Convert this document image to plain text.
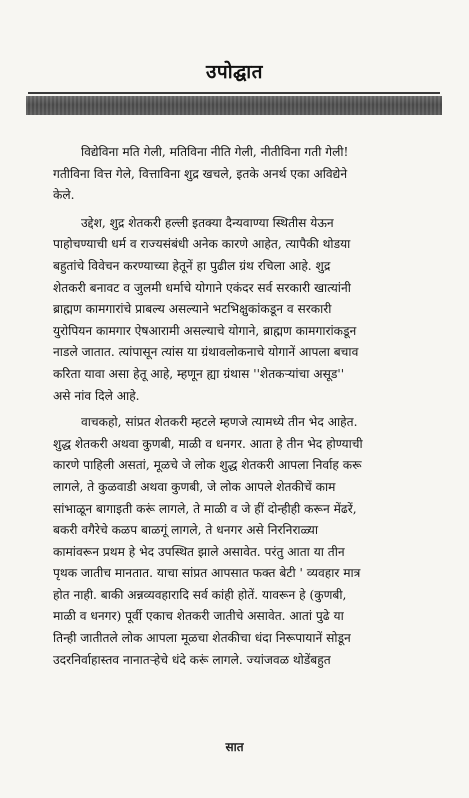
उपोद्घात

विद्येविना मति गेली, मतिविना नीति गेली, नीतीविना गती गेली!
गतीविना वित्त गेले, वित्ताविना शुद्र खचले, इतके अनर्थ एका अविद्येने
केले.

उद्देश, शुद्र शेतकरी हल्ली इतक्या दैन्यवाण्या स्थितीस येऊन
पाहोचण्याची धर्म व राज्यसंबंधी अनेक कारणे आहेत, त्यापैकी थोडया
बहुतांचे विवेचन करण्याच्या हेतूनें हा पुढील ग्रंथ रचिला आहे. शुद्र
शेतकरी बनावट व जुलमी धर्माचे योगाने एकंदर सर्व सरकारी खात्यांनी
ब्राह्मण कामगारांचे प्राबल्य असल्याने भटभिक्षुकांकडून व सरकारी
युरोपियन कामगार ऐषआरामी असल्याचे योगाने, ब्राह्मण कामगारांकडून
नाडले जातात. त्यांपासून त्यांस या ग्रंथावलोकनाचे योगानें आपला बचाव
करिता यावा असा हेतू आहे, म्हणून ह्या ग्रंथास ''शेतकऱ्यांचा असूड''
असे नांव दिले आहे.

वाचकहो, सांप्रत शेतकरी म्हटले म्हणजे त्यामध्ये तीन भेद आहेत.
शुद्ध शेतकरी अथवा कुणबी, माळी व धनगर. आता हे तीन भेद होण्याची
कारणे पाहिली असतां, मूळचे जे लोक शुद्ध शेतकरी आपला निर्वाह करू
लागले, ते कुळवाडी अथवा कुणबी, जे लोक आपले शेतकीचें काम
सांभाळून बागाइती करूं लागले, ते माळी व जे हीं दोन्हीही करून मेंढरें,
बकरी वगैरेचे कळप बाळगूं लागले, ते धनगर असे निरनिराळ्या
कामांवरून प्रथम हे भेद उपस्थित झाले असावेत. परंतु आता या तीन
पृथक जातीच मानतात. याचा सांप्रत आपसात फक्त बेटी ' व्यवहार मात्र
होत नाही. बाकी अन्नव्यवहारादि सर्व कांही होतें. यावरून हे (कुणबी,
माळी व धनगर) पूर्वी एकाच शेतकरी जातीचे असावेत. आतां पुढे या
तिन्ही जातीतले लोक आपला मूळचा शेतकीचा धंदा निरूपायानें सोडून
उदरनिर्वाहास्तव नानातऱ्हेचे धंदे करूं लागले. ज्यांजवळ थोडेंबहुत

सात
